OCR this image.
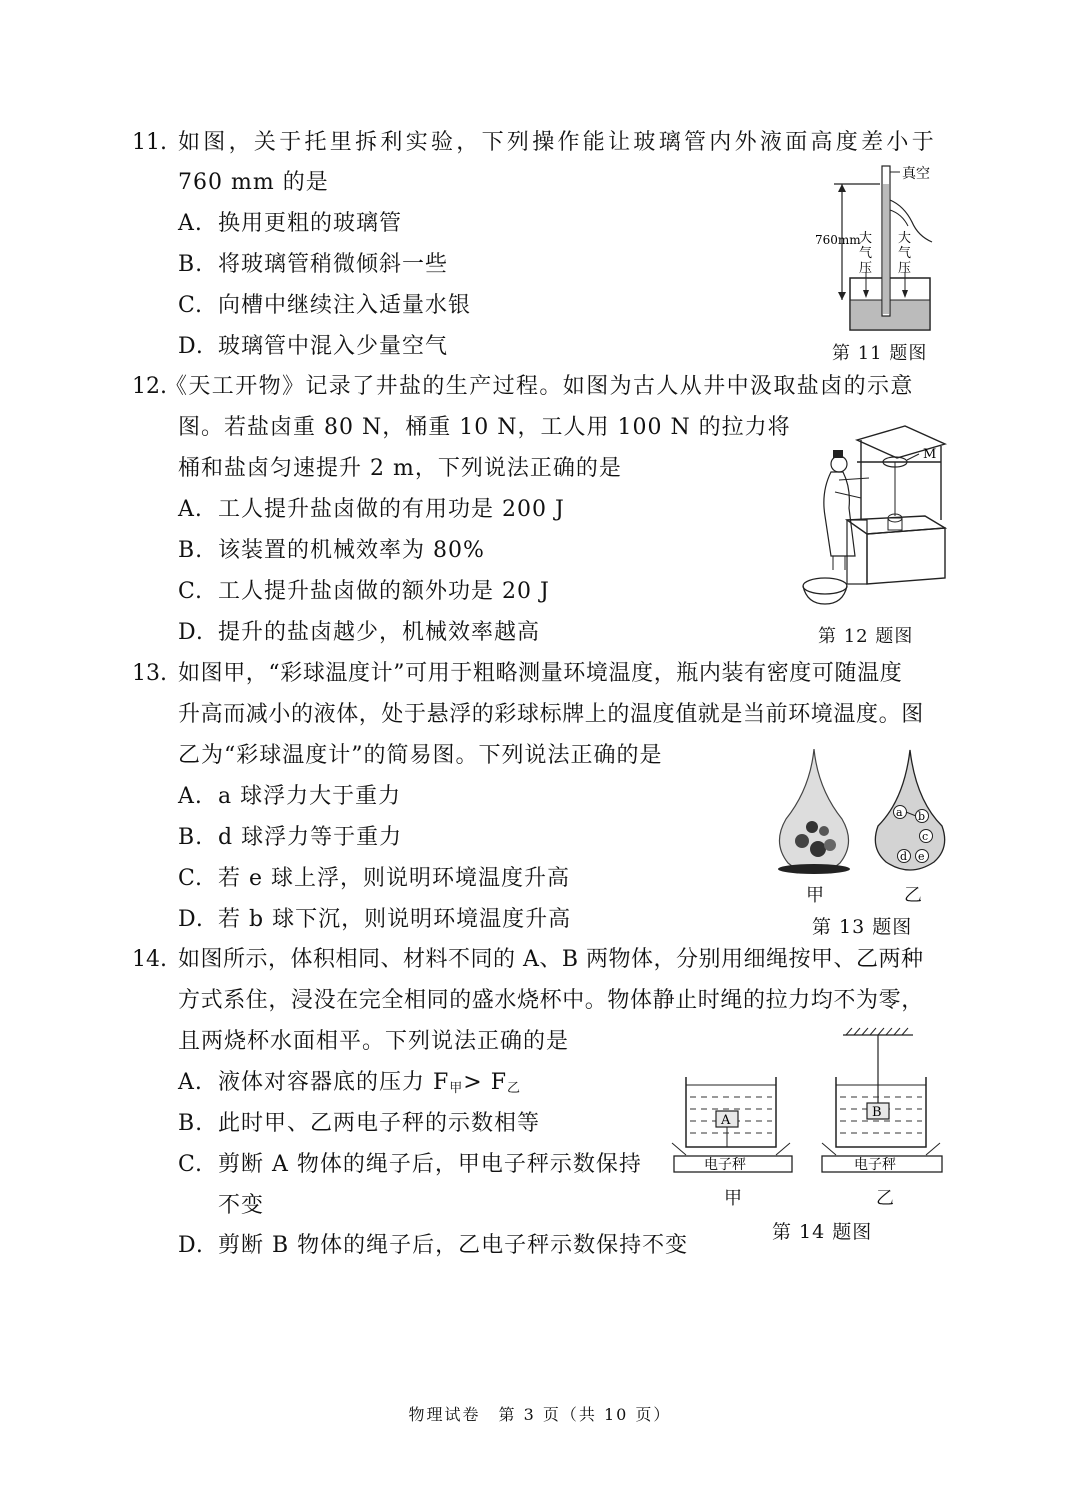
11. 如图，关于托里拆利实验，下列操作能让玻璃管内外液面高度差小于
760 mm 的是
A. 换用更粗的玻璃管
B. 将玻璃管稍微倾斜一些
C. 向槽中继续注入适量水银
D. 玻璃管中混入少量空气
真空
760mm
大
气
压
大
气
压
第 11 题图
12.
《天工开物》记录了井盐的生产过程。如图为古人从井中汲取盐卤的示意
图。若盐卤重 80 N，桶重 10 N，工人用 100 N 的拉力将
桶和盐卤匀速提升 2 m，下列说法正确的是
A. 工人提升盐卤做的有用功是 200 J
B. 该装置的机械效率为 80%
C. 工人提升盐卤做的额外功是 20 J
D. 提升的盐卤越少，机械效率越高
M
第 12 题图
13. 如图甲，“彩球温度计”可用于粗略测量环境温度，瓶内装有密度可随温度
升高而减小的液体，处于悬浮的彩球标牌上的温度值就是当前环境温度。图
乙为“彩球温度计”的简易图。下列说法正确的是
A. a 球浮力大于重力
B. d 球浮力等于重力
C. 若 e 球上浮，则说明环境温度升高
D. 若 b 球下沉，则说明环境温度升高
a b
c
d e
甲	乙
第 13 题图
14. 如图所示，体积相同、材料不同的 A、B 两物体，分别用细绳按甲、乙两种
方式系住，浸没在完全相同的盛水烧杯中。物体静止时绳的拉力均不为零，
且两烧杯水面相平。下列说法正确的是
A. 液体对容器底的压力 $F_甲> F_乙$
B. 此时甲、乙两电子秤的示数相等
C. 剪断 A 物体的绳子后，甲电子秤示数保持
不变
D. 剪断 B 物体的绳子后，乙电子秤示数保持不变
A
电子秤
B
电子秤
甲	乙
第 14 题图
物理试卷　第 3 页（共 10 页）
